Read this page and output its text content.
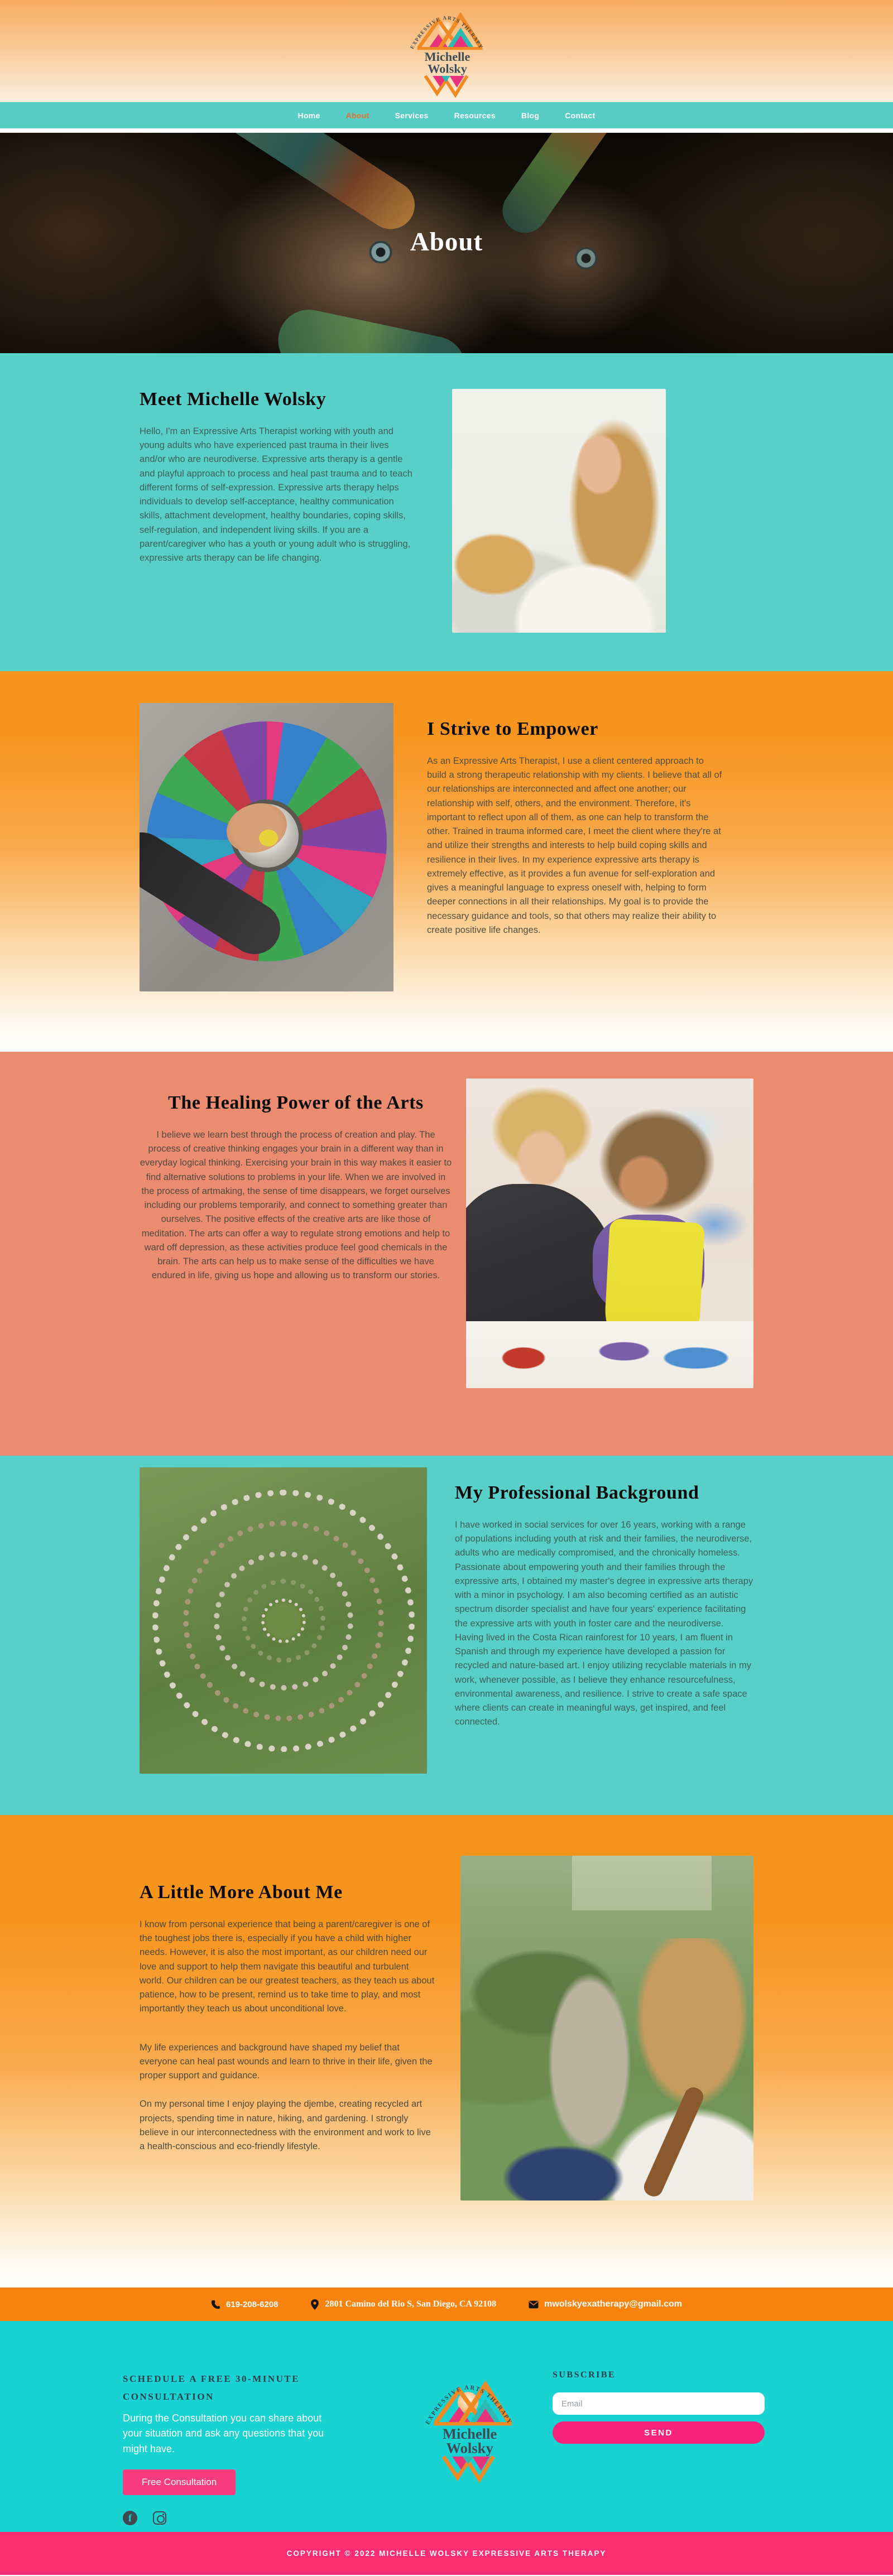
EXPRESSIVE ARTS THERAPY
Michelle
Wolsky
Home	About	Services	Resources	Blog	Contact
About
Meet Michelle Wolsky

Hello, I'm an Expressive Arts Therapist working with youth and young adults who have experienced past trauma in their lives and/or who are neurodiverse. Expressive arts therapy is a gentle and playful approach to process and heal past trauma and to teach different forms of self-expression. Expressive arts therapy helps individuals to develop self-acceptance, healthy communication skills, attachment development, healthy boundaries, coping skills, self-regulation, and independent living skills. If you are a parent/caregiver who has a youth or young adult who is struggling, expressive arts therapy can be life changing.

I Strive to Empower

As an Expressive Arts Therapist, I use a client centered approach to build a strong therapeutic relationship with my clients. I believe that all of our relationships are interconnected and affect one another; our relationship with self, others, and the environment. Therefore, it's important to reflect upon all of them, as one can help to transform the other. Trained in trauma informed care, I meet the client where they're at and utilize their strengths and interests to help build coping skills and resilience in their lives. In my experience expressive arts therapy is extremely effective, as it provides a fun avenue for self-exploration and gives a meaningful language to express oneself with, helping to form deeper connections in all their relationships. My goal is to provide the necessary guidance and tools, so that others may realize their ability to create positive life changes.

The Healing Power of the Arts

I believe we learn best through the process of creation and play. The process of creative thinking engages your brain in a different way than in everyday logical thinking. Exercising your brain in this way makes it easier to find alternative solutions to problems in your life. When we are involved in the process of artmaking, the sense of time disappears, we forget ourselves including our problems temporarily, and connect to something greater than ourselves. The positive effects of the creative arts are like those of meditation. The arts can offer a way to regulate strong emotions and help to ward off depression, as these activities produce feel good chemicals in the brain. The arts can help us to make sense of the difficulties we have endured in life, giving us hope and allowing us to transform our stories.

My Professional Background

I have worked in social services for over 16 years, working with a range of populations including youth at risk and their families, the neurodiverse, adults who are medically compromised, and the chronically homeless. Passionate about empowering youth and their families through the expressive arts, I obtained my master's degree in expressive arts therapy with a minor in psychology. I am also becoming certified as an autistic spectrum disorder specialist and have four years' experience facilitating the expressive arts with youth in foster care and the neurodiverse. Having lived in the Costa Rican rainforest for 10 years, I am fluent in Spanish and through my experience have developed a passion for recycled and nature-based art. I enjoy utilizing recyclable materials in my work, whenever possible, as I believe they enhance resourcefulness, environmental awareness, and resilience. I strive to create a safe space where clients can create in meaningful ways, get inspired, and feel connected.

A Little More About Me

I know from personal experience that being a parent/caregiver is one of the toughest jobs there is, especially if you have a child with higher needs. However, it is also the most important, as our children need our love and support to help them navigate this beautiful and turbulent world. Our children can be our greatest teachers, as they teach us about patience, how to be present, remind us to take time to play, and most importantly they teach us about unconditional love.

My life experiences and background have shaped my belief that everyone can heal past wounds and learn to thrive in their life, given the proper support and guidance.

On my personal time I enjoy playing the djembe, creating recycled art projects, spending time in nature, hiking, and gardening. I strongly believe in our interconnectedness with the environment and work to live a health-conscious and eco-friendly lifestyle.

619-208-6208	2801 Camino del Rio S, San Diego, CA 92108	mwolskyexatherapy@gmail.com
SCHEDULE A FREE 30-MINUTE CONSULTATION
During the Consultation you can share about your situation and ask any questions that you might have.
Free Consultation
f
EXPRESSIVE ARTS THERAPY
Michelle
Wolsky
SUBSCRIBE
Email SEND
COPYRIGHT © 2022 MICHELLE WOLSKY EXPRESSIVE ARTS THERAPY
